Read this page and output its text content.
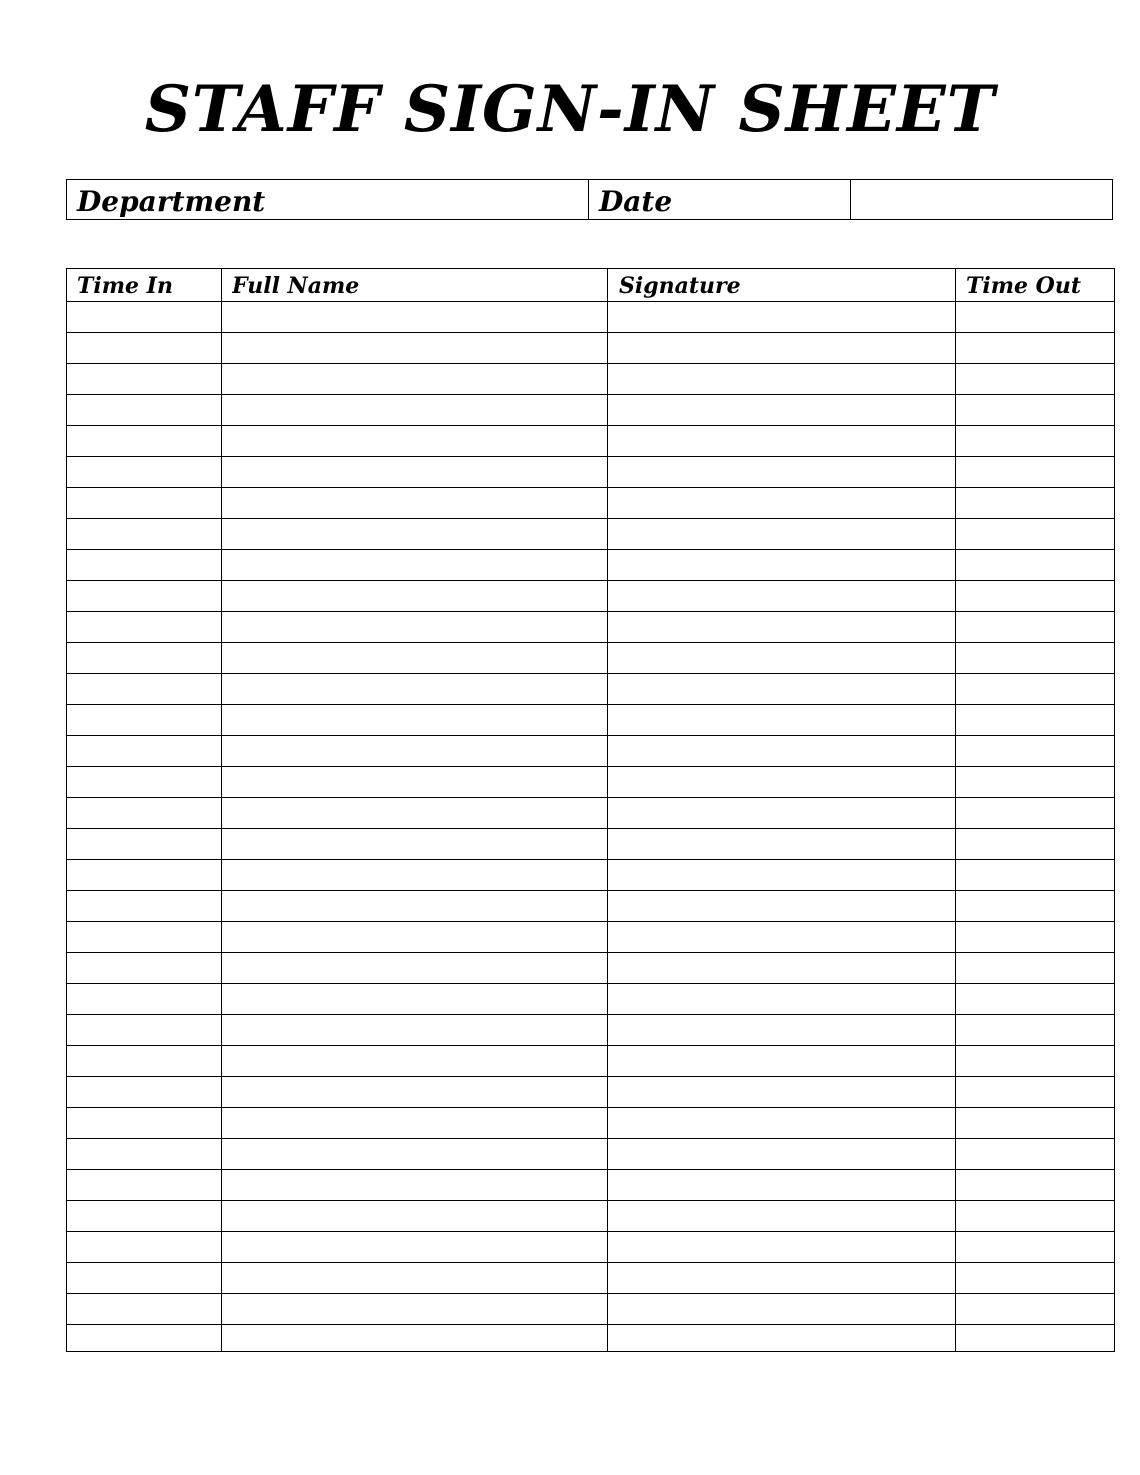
STAFF SIGN-IN SHEET
Department	Date
Time In	Full Name	Signature	Time Out
